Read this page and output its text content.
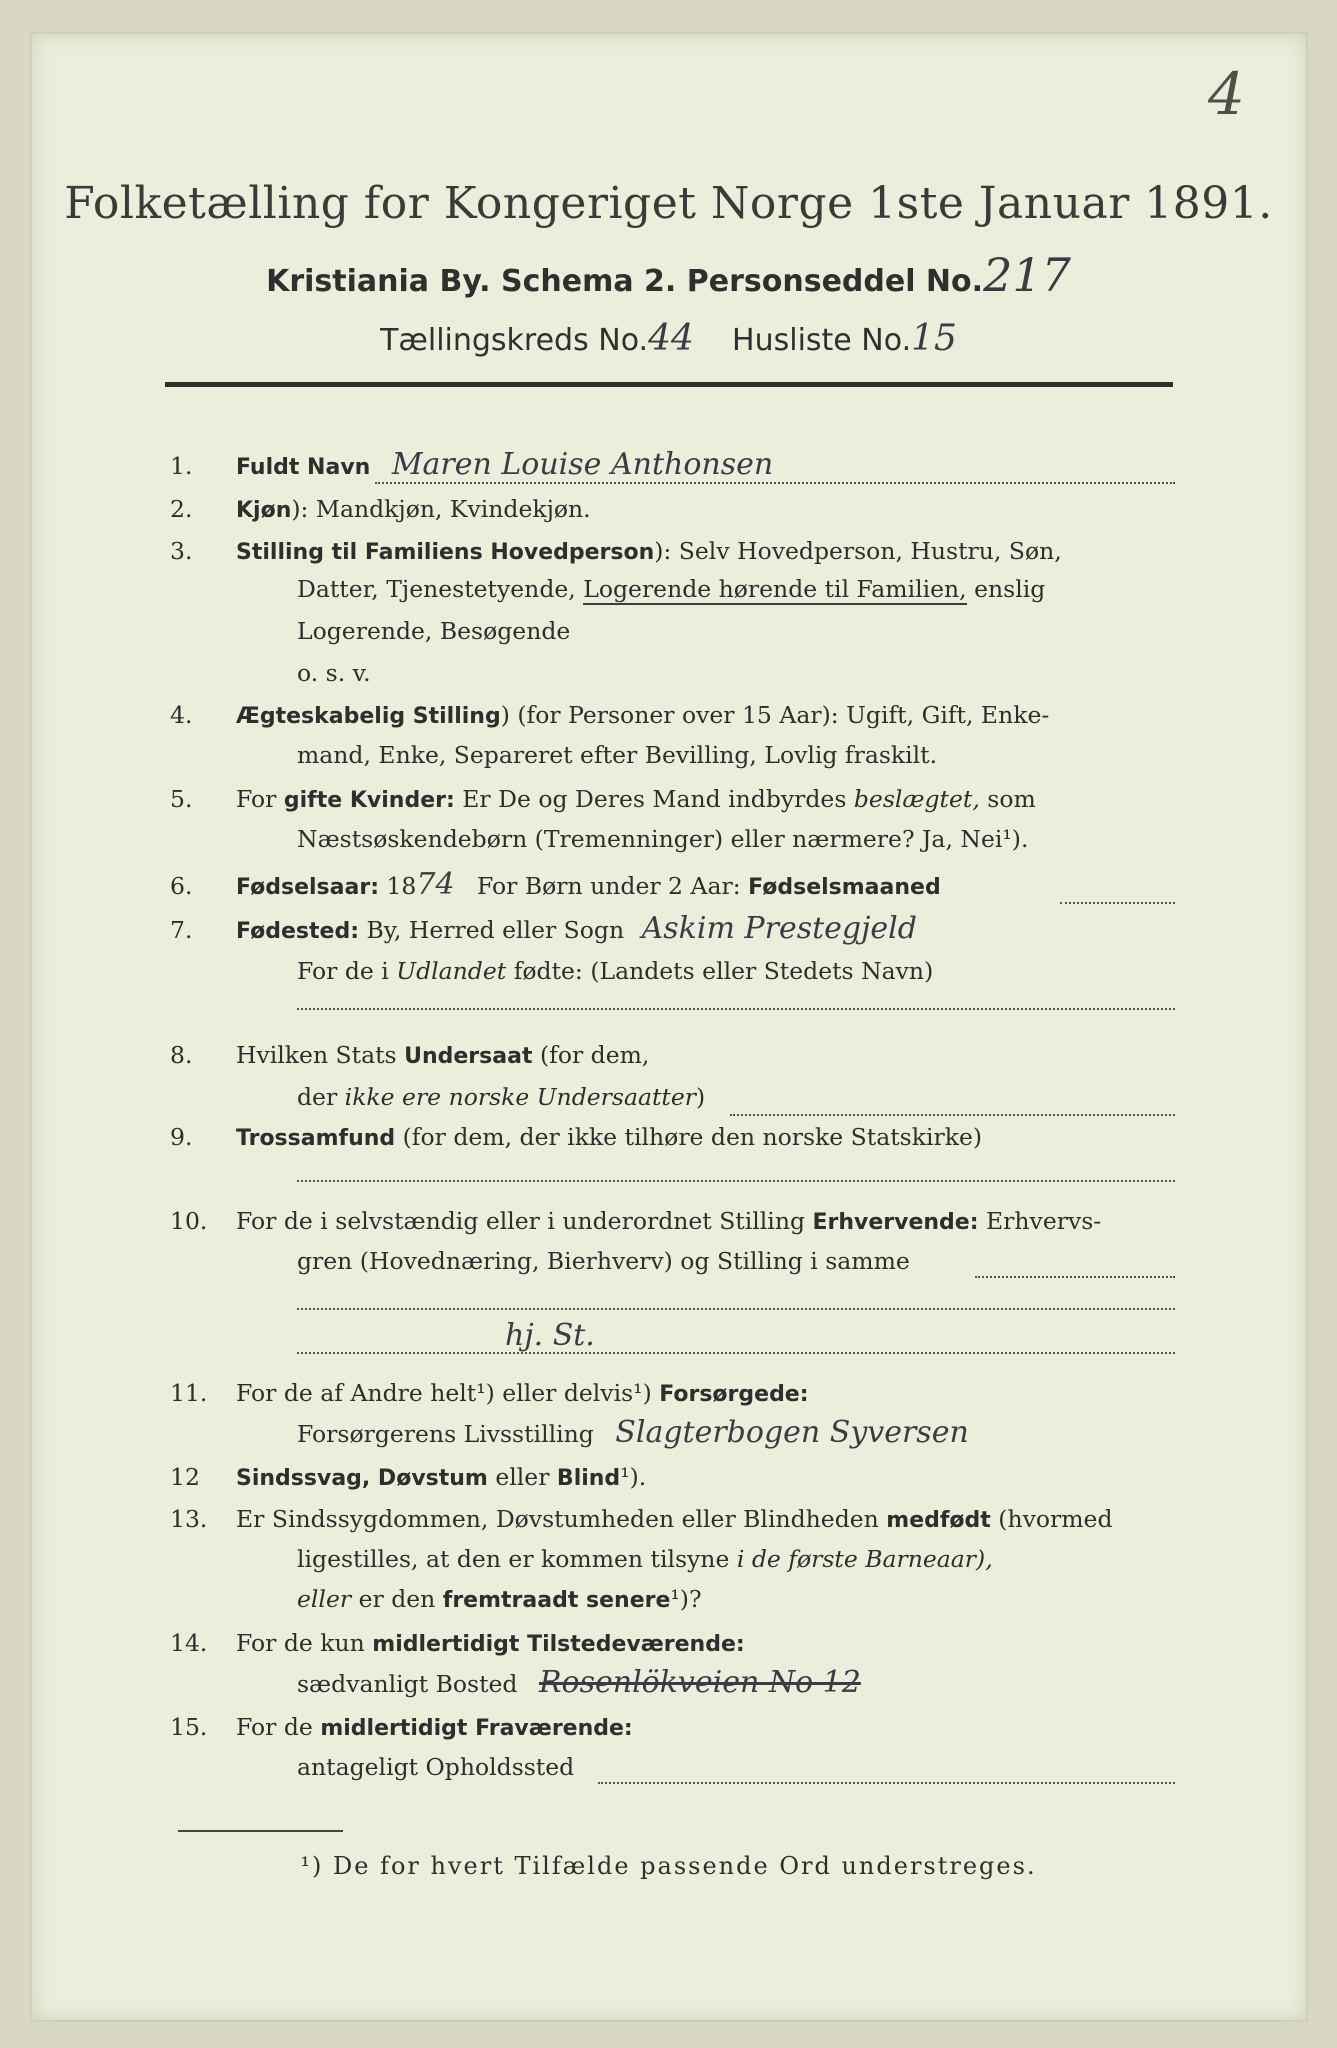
4
Folketælling for Kongeriget Norge 1ste Januar 1891.
Kristiania By. Schema 2. Personseddel No.217
Tællingskreds No.44 Husliste No.15
1. Fuldt Navn Maren Louise Anthonsen
2. Kjøn): Mandkjøn, Kvindekjøn.
3. Stilling til Familiens Hovedperson): Selv Hovedperson, Hustru, Søn,
Datter, Tjenestetyende, Logerende hørende til Familien, enslig
Logerende, Besøgende
o. s. v.
4. Ægteskabelig Stilling) (for Personer over 15 Aar): Ugift, Gift, Enke-
mand, Enke, Separeret efter Bevilling, Lovlig fraskilt.
5. For gifte Kvinder: Er De og Deres Mand indbyrdes beslægtet, som
Næstsøskendebørn (Tremenninger) eller nærmere? Ja, Nei¹).
6. Fødselsaar: 1874 For Børn under 2 Aar: Fødselsmaaned
7. Fødested: By, Herred eller Sogn Askim Prestegjeld
For de i Udlandet fødte: (Landets eller Stedets Navn)
8. Hvilken Stats Undersaat (for dem,
der ikke ere norske Undersaatter)
9. Trossamfund (for dem, der ikke tilhøre den norske Statskirke)
10. For de i selvstændig eller i underordnet Stilling Erhvervende: Erhvervs-
gren (Hovednæring, Bierhverv) og Stilling i samme
hj. St.
11. For de af Andre helt¹) eller delvis¹) Forsørgede:
Forsørgerens Livsstilling Slagterbogen Syversen
12 Sindssvag, Døvstum eller Blind¹).
13. Er Sindssygdommen, Døvstumheden eller Blindheden medfødt (hvormed
ligestilles, at den er kommen tilsyne i de første Barneaar),
eller er den fremtraadt senere¹)?
14. For de kun midlertidigt Tilstedeværende:
sædvanligt Bosted Rosenlökveien No 12
15. For de midlertidigt Fraværende:
antageligt Opholdssted
¹) De for hvert Tilfælde passende Ord understreges.
